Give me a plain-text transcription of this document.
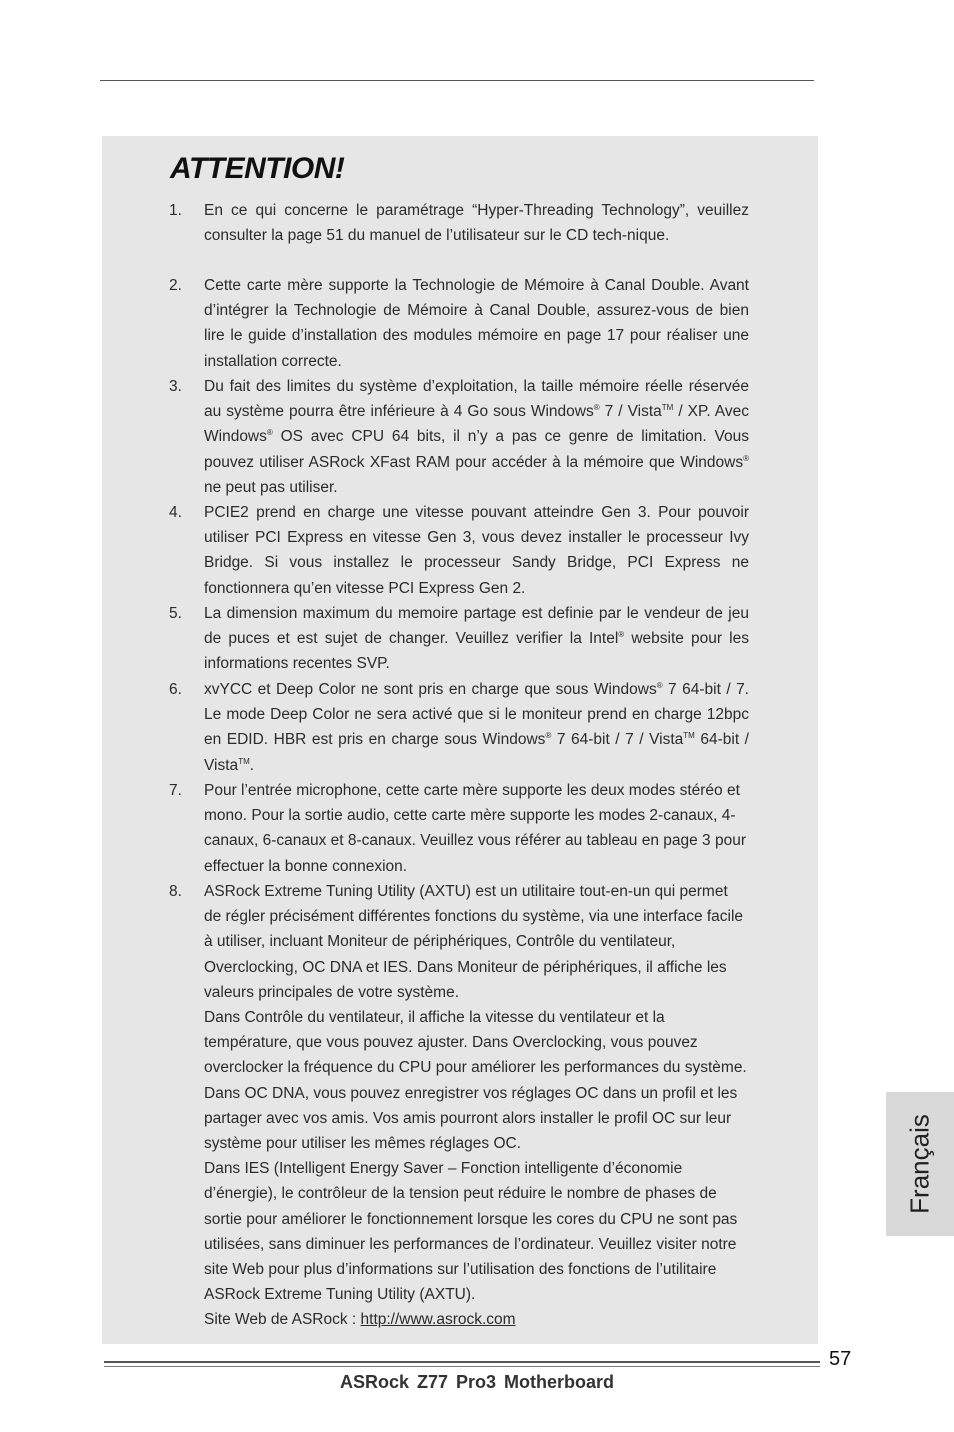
ATTENTION!
1. En ce qui concerne le paramétrage “Hyper-Threading Technology”, veuillez consulter la page 51 du manuel de l’utilisateur sur le CD tech-nique.
2. Cette carte mère supporte la Technologie de Mémoire à Canal Double. Avant d’intégrer la Technologie de Mémoire à Canal Double, assurez-vous de bien lire le guide d’installation des modules mémoire en page 17 pour réaliser une installation correcte.
3. Du fait des limites du système d’exploitation, la taille mémoire réelle réservée au système pourra être inférieure à 4 Go sous Windows® 7 / Vista™ / XP. Avec Windows® OS avec CPU 64 bits, il n’y a pas ce genre de limitation. Vous pouvez utiliser ASRock XFast RAM pour accéder à la mémoire que Windows® ne peut pas utiliser.
4. PCIE2 prend en charge une vitesse pouvant atteindre Gen 3. Pour pouvoir utiliser PCI Express en vitesse Gen 3, vous devez installer le processeur Ivy Bridge. Si vous installez le processeur Sandy Bridge, PCI Express ne fonctionnera qu’en vitesse PCI Express Gen 2.
5. La dimension maximum du memoire partage est definie par le vendeur de jeu de puces et est sujet de changer. Veuillez verifier la Intel® website pour les informations recentes SVP.
6. xvYCC et Deep Color ne sont pris en charge que sous Windows® 7 64-bit / 7. Le mode Deep Color ne sera activé que si le moniteur prend en charge 12bpc en EDID. HBR est pris en charge sous Windows® 7 64-bit / 7 / Vista™ 64-bit / Vista™.
7. Pour l’entrée microphone, cette carte mère supporte les deux modes stéréo et mono. Pour la sortie audio, cette carte mère supporte les modes 2-canaux, 4-canaux, 6-canaux et 8-canaux. Veuillez vous référer au tableau en page 3 pour effectuer la bonne connexion.
8. ASRock Extreme Tuning Utility (AXTU) est un utilitaire tout-en-un qui permet de régler précisément différentes fonctions du système, via une interface facile à utiliser, incluant Moniteur de périphériques, Contrôle du ventilateur, Overclocking, OC DNA et IES. Dans Moniteur de périphériques, il affiche les valeurs principales de votre système.
Dans Contrôle du ventilateur, il affiche la vitesse du ventilateur et la température, que vous pouvez ajuster. Dans Overclocking, vous pouvez overclocker la fréquence du CPU pour améliorer les performances du système. Dans OC DNA, vous pouvez enregistrer vos réglages OC dans un profil et les partager avec vos amis. Vos amis pourront alors installer le profil OC sur leur système pour utiliser les mêmes réglages OC.
Dans IES (Intelligent Energy Saver – Fonction intelligente d’économie d’énergie), le contrôleur de la tension peut réduire le nombre de phases de sortie pour améliorer le fonctionnement lorsque les cores du CPU ne sont pas utilisées, sans diminuer les performances de l’ordinateur. Veuillez visiter notre site Web pour plus d’informations sur l’utilisation des fonctions de l’utilitaire ASRock Extreme Tuning Utility (AXTU).
Site Web de ASRock : http://www.asrock.com
Français
57
ASRock Z77 Pro3 Motherboard
